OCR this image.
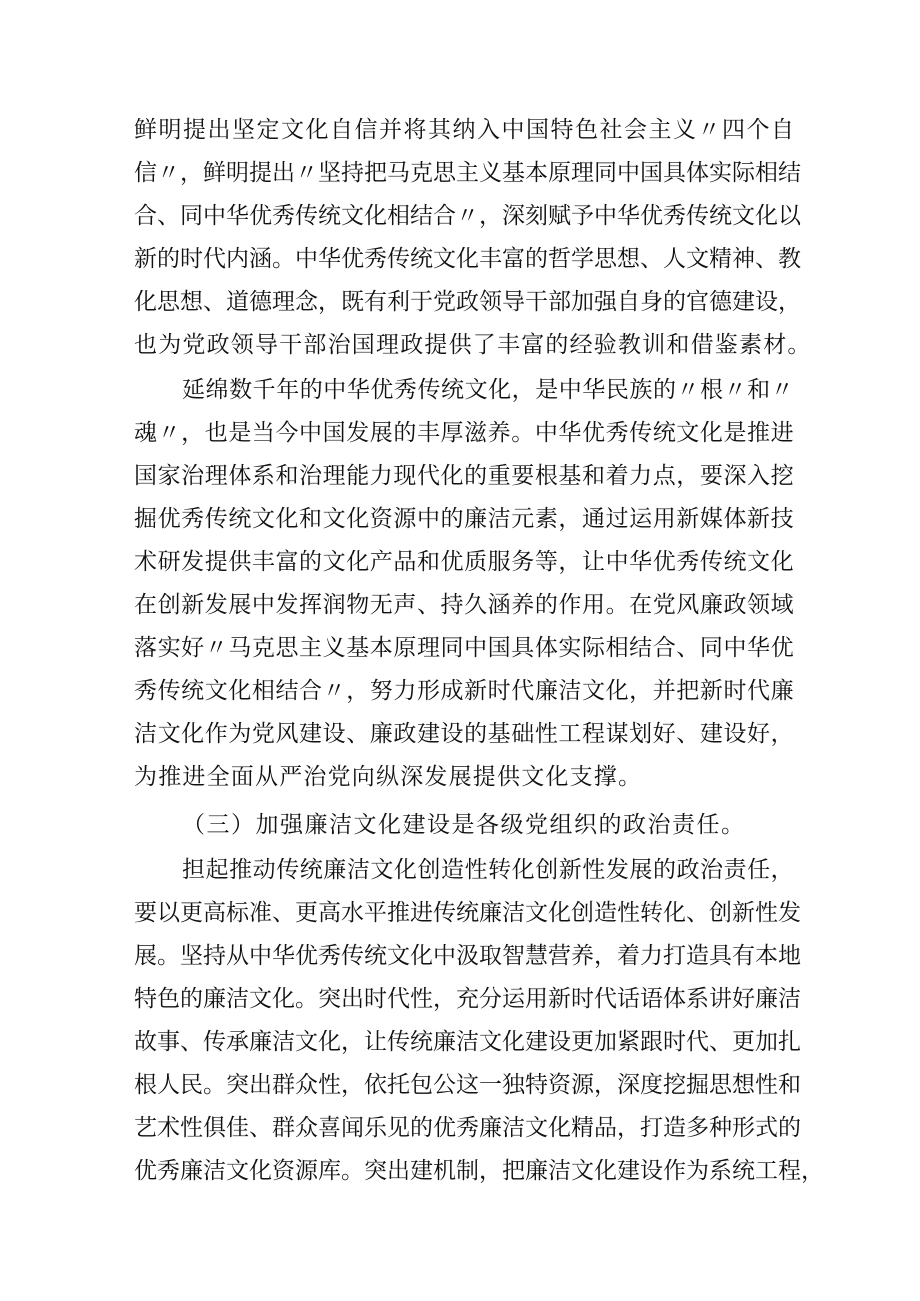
鲜 明 提 出 坚 定 文 化 自 信 并 将 其 纳 入 中 国 特 色 社 会 主 义 〃 四 个 自
信 〃 ， 鲜 明 提 出 〃 坚 持 把 马 克 思 主 义 基 本 原 理 同 中 国 具 体 实 际 相 结
合 、 同 中 华 优 秀 传 统 文 化 相 结 合 〃 ， 深 刻 赋 予 中 华 优 秀 传 统 文 化 以
新 的 时 代 内 涵 。 中 华 优 秀 传 统 文 化 丰 富 的 哲 学 思 想 、 人 文 精 神 、 教
化 思 想 、 道 德 理 念 ， 既 有 利 于 党 政 领 导 干 部 加 强 自 身 的 官 德 建 设 ，
也为党政领导干部治国理政提供了丰富的经验教训和借鉴素材。
延 绵 数 千 年 的 中 华 优 秀 传 统 文 化 ， 是 中 华 民 族 的 〃 根 〃 和 〃
魂 〃 ， 也 是 当 今 中 国 发 展 的 丰 厚 滋 养 。 中 华 优 秀 传 统 文 化 是 推 进
国 家 治 理 体 系 和 治 理 能 力 现 代 化 的 重 要 根 基 和 着 力 点 ， 要 深 入 挖
掘 优 秀 传 统 文 化 和 文 化 资 源 中 的 廉 洁 元 素 ， 通 过 运 用 新 媒 体 新 技
术 研 发 提 供 丰 富 的 文 化 产 品 和 优 质 服 务 等 ， 让 中 华 优 秀 传 统 文 化
在 创 新 发 展 中 发 挥 润 物 无 声 、 持 久 涵 养 的 作 用 。 在 党 风 廉 政 领 域
落 实 好 〃 马 克 思 主 义 基 本 原 理 同 中 国 具 体 实 际 相 结 合 、 同 中 华 优
秀 传 统 文 化 相 结 合 〃 ， 努 力 形 成 新 时 代 廉 洁 文 化 ， 并 把 新 时 代 廉
洁 文 化 作 为 党 风 建 设 、 廉 政 建 设 的 基 础 性 工 程 谋 划 好 、 建 设 好 ，
为推进全面从严治党向纵深发展提供文化支撑。
（三）加强廉洁文化建设是各级党组织的政治责任。
担 起 推 动 传 统 廉 洁 文 化 创 造 性 转 化 创 新 性 发 展 的 政 治 责 任 ，
要 以 更 高 标 准 、 更 高 水 平 推 进 传 统 廉 洁 文 化 创 造 性 转 化 、 创 新 性 发
展 。 坚 持 从 中 华 优 秀 传 统 文 化 中 汲 取 智 慧 营 养 ， 着 力 打 造 具 有 本 地
特 色 的 廉 洁 文 化 。 突 出 时 代 性 ， 充 分 运 用 新 时 代 话 语 体 系 讲 好 廉 洁
故 事 、 传 承 廉 洁 文 化 ， 让 传 统 廉 洁 文 化 建 设 更 加 紧 跟 时 代 、 更 加 扎
根 人 民 。 突 出 群 众 性 ， 依 托 包 公 这 一 独 特 资 源 ， 深 度 挖 掘 思 想 性 和
艺 术 性 俱 佳 、 群 众 喜 闻 乐 见 的 优 秀 廉 洁 文 化 精 品 ， 打 造 多 种 形 式 的
优 秀 廉 洁 文 化 资 源 库 。 突 出 建 机 制 ， 把 廉 洁 文 化 建 设 作 为 系 统 工 程 ，
